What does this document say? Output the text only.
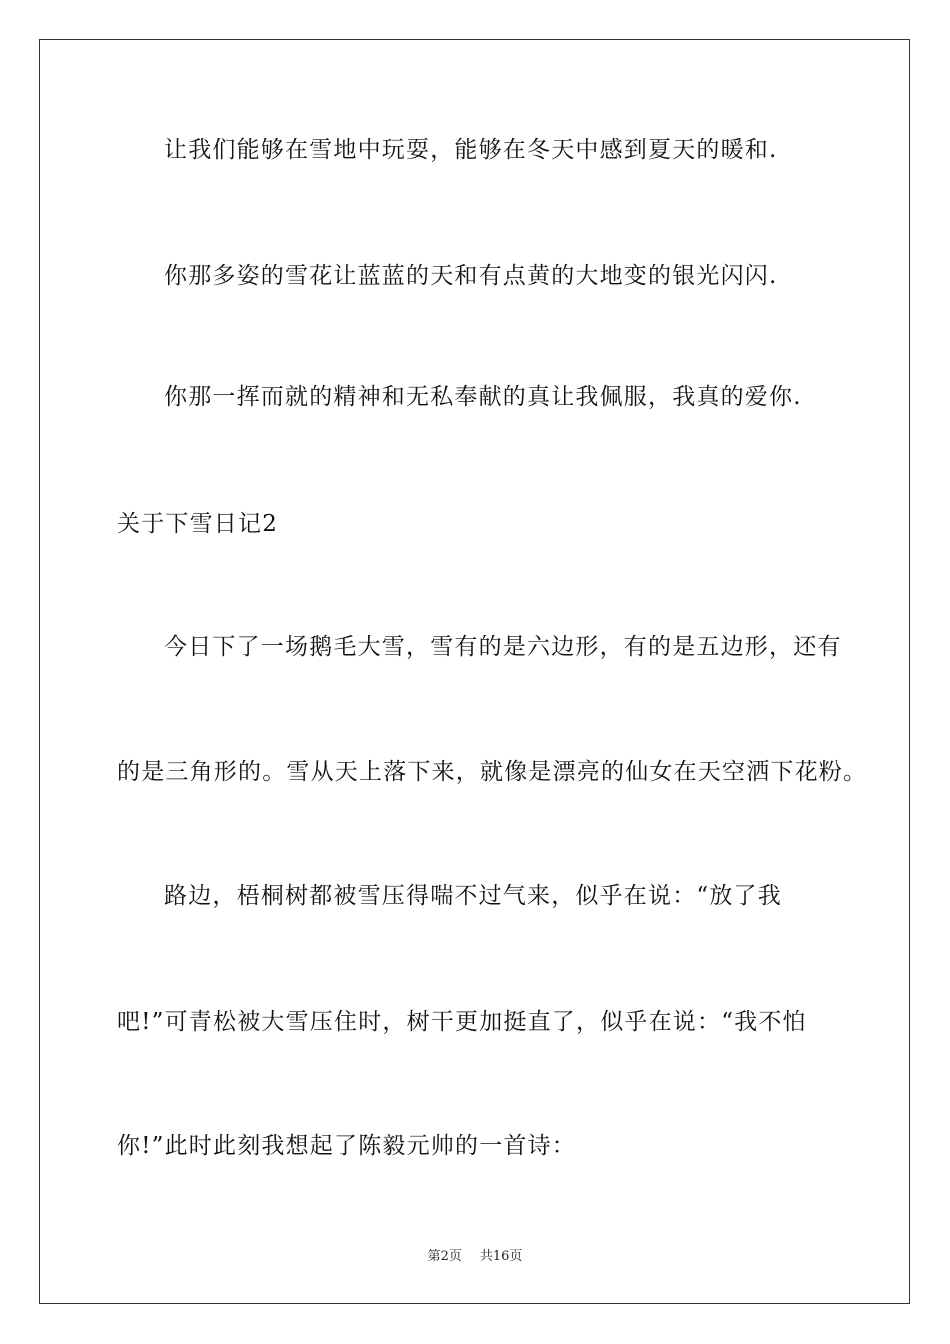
让我们能够在雪地中玩耍，能够在冬天中感到夏天的暖和.
你那多姿的雪花让蓝蓝的天和有点黄的大地变的银光闪闪.
你那一挥而就的精神和无私奉献的真让我佩服，我真的爱你.
关于下雪日记2
今日下了一场鹅毛大雪，雪有的是六边形，有的是五边形，还有
的是三角形的。雪从天上落下来，就像是漂亮的仙女在天空洒下花粉。
路边，梧桐树都被雪压得喘不过气来，似乎在说：“放了我
吧!”可青松被大雪压住时，树干更加挺直了，似乎在说：“我不怕
你!”此时此刻我想起了陈毅元帅的一首诗：
第2页 共16页
